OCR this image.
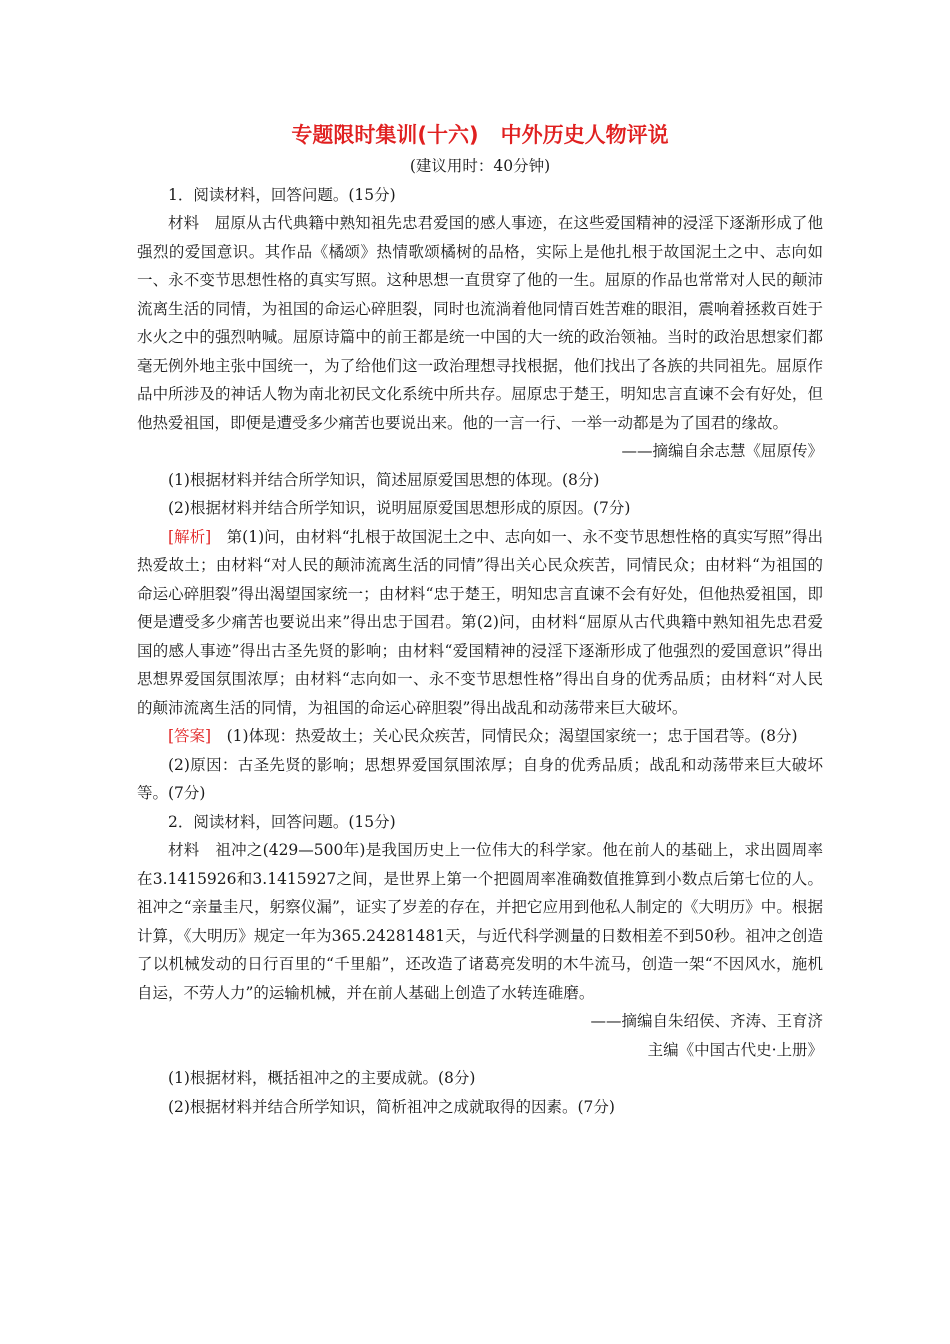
专题限时集训(十六) 中外历史人物评说
(建议用时：40分钟)

1．阅读材料，回答问题。(15分)

材料　屈原从古代典籍中熟知祖先忠君爱国的感人事迹，在这些爱国精神的浸淫下逐渐形成了他强烈的爱国意识。其作品《橘颂》热情歌颂橘树的品格，实际上是他扎根于故国泥土之中、志向如一、永不变节思想性格的真实写照。这种思想一直贯穿了他的一生。屈原的作品也常常对人民的颠沛流离生活的同情，为祖国的命运心碎胆裂，同时也流淌着他同情百姓苦难的眼泪，震响着拯救百姓于水火之中的强烈呐喊。屈原诗篇中的前王都是统一中国的大一统的政治领袖。当时的政治思想家们都毫无例外地主张中国统一，为了给他们这一政治理想寻找根据，他们找出了各族的共同祖先。屈原作品中所涉及的神话人物为南北初民文化系统中所共存。屈原忠于楚王，明知忠言直谏不会有好处，但他热爱祖国，即便是遭受多少痛苦也要说出来。他的一言一行、一举一动都是为了国君的缘故。

——摘编自余志慧《屈原传》

(1)根据材料并结合所学知识，简述屈原爱国思想的体现。(8分)

(2)根据材料并结合所学知识，说明屈原爱国思想形成的原因。(7分)

[解析]　第(1)问，由材料“扎根于故国泥土之中、志向如一、永不变节思想性格的真实写照”得出热爱故土；由材料“对人民的颠沛流离生活的同情”得出关心民众疾苦，同情民众；由材料“为祖国的命运心碎胆裂”得出渴望国家统一；由材料“忠于楚王，明知忠言直谏不会有好处，但他热爱祖国，即便是遭受多少痛苦也要说出来”得出忠于国君。第(2)问，由材料“屈原从古代典籍中熟知祖先忠君爱国的感人事迹”得出古圣先贤的影响；由材料“爱国精神的浸淫下逐渐形成了他强烈的爱国意识”得出思想界爱国氛围浓厚；由材料“志向如一、永不变节思想性格”得出自身的优秀品质；由材料“对人民的颠沛流离生活的同情，为祖国的命运心碎胆裂”得出战乱和动荡带来巨大破坏。

[答案]　(1)体现：热爱故土；关心民众疾苦，同情民众；渴望国家统一；忠于国君等。(8分)

(2)原因：古圣先贤的影响；思想界爱国氛围浓厚；自身的优秀品质；战乱和动荡带来巨大破坏等。(7分)

2．阅读材料，回答问题。(15分)

材料　祖冲之(429—500年)是我国历史上一位伟大的科学家。他在前人的基础上，求出圆周率在3.1415926和3.1415927之间，是世界上第一个把圆周率准确数值推算到小数点后第七位的人。祖冲之“亲量圭尺，躬察仪漏”，证实了岁差的存在，并把它应用到他私人制定的《大明历》中。根据计算，《大明历》规定一年为365.24281481天，与近代科学测量的日数相差不到50秒。祖冲之创造了以机械发动的日行百里的“千里船”，还改造了诸葛亮发明的木牛流马，创造一架“不因风水，施机自运，不劳人力”的运输机械，并在前人基础上创造了水转连碓磨。

——摘编自朱绍侯、齐涛、王育济

主编《中国古代史·上册》

(1)根据材料，概括祖冲之的主要成就。(8分)

(2)根据材料并结合所学知识，简析祖冲之成就取得的因素。(7分)
